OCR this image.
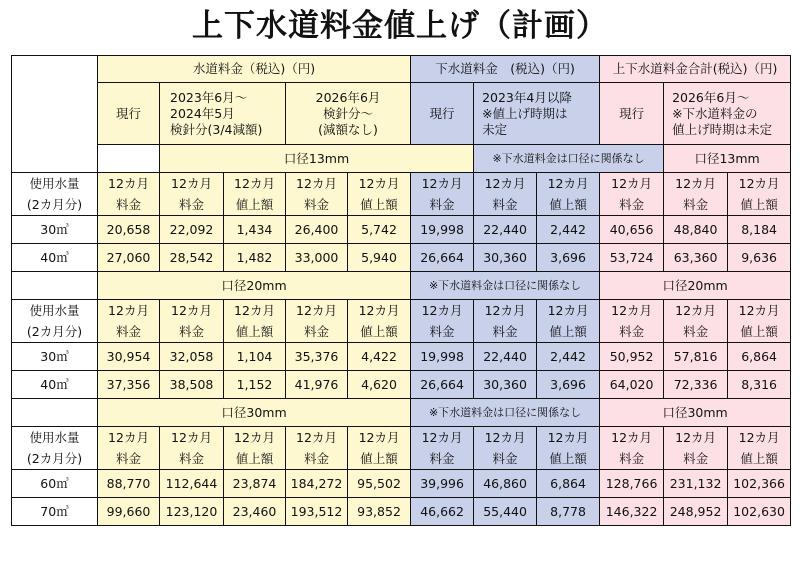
上下水道料金値上げ（計画）
	水道料金（税込)（円)					下水道料金　(税込)（円)			上下水道料金合計(税込)（円)		
	現行	2023年6月～
2024年5月
検針分(3/4減額)		2026年6月
検針分～
(減額なし)		現行	2023年4月以降
※値上げ時期は
未定		現行	2026年6月～
※下水道料金の
値上げ時期は未定	
		口径13mm					※下水道料金は口径に関係なし			口径13mm	
使用水量	12カ月	12カ月	12カ月	12カ月	12カ月	12カ月	12カ月	12カ月	12カ月	12カ月	12カ月
(2カ月分)	料金	料金	値上額	料金	値上額	料金	料金	値上額	料金	料金	値上額
30㎥	20,658	22,092	1,434	26,400	5,742	19,998	22,440	2,442	40,656	48,840	8,184
40㎥	27,060	28,542	1,482	33,000	5,940	26,664	30,360	3,696	53,724	63,360	9,636
	口径20mm					※下水道料金は口径に関係なし			口径20mm		
使用水量	12カ月	12カ月	12カ月	12カ月	12カ月	12カ月	12カ月	12カ月	12カ月	12カ月	12カ月
(2カ月分)	料金	料金	値上額	料金	値上額	料金	料金	値上額	料金	料金	値上額
30㎥	30,954	32,058	1,104	35,376	4,422	19,998	22,440	2,442	50,952	57,816	6,864
40㎥	37,356	38,508	1,152	41,976	4,620	26,664	30,360	3,696	64,020	72,336	8,316
	口径30mm					※下水道料金は口径に関係なし			口径30mm		
使用水量	12カ月	12カ月	12カ月	12カ月	12カ月	12カ月	12カ月	12カ月	12カ月	12カ月	12カ月
(2カ月分)	料金	料金	値上額	料金	値上額	料金	料金	値上額	料金	料金	値上額
60㎥	88,770	112,644	23,874	184,272	95,502	39,996	46,860	6,864	128,766	231,132	102,366
70㎥	99,660	123,120	23,460	193,512	93,852	46,662	55,440	8,778	146,322	248,952	102,630
